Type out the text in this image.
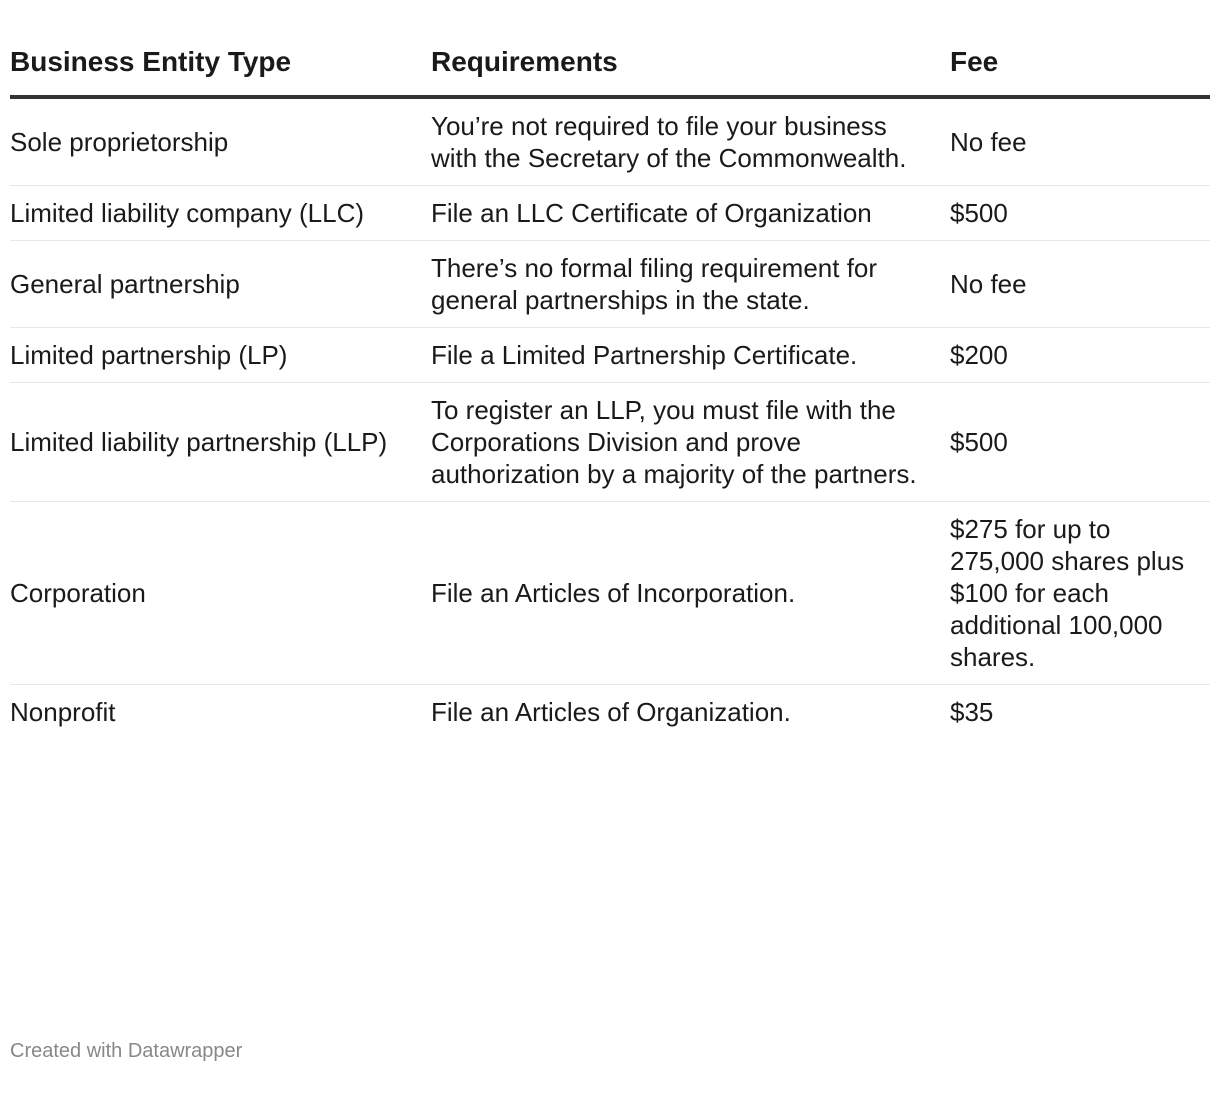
Business Entity Type	Requirements	Fee
Sole proprietorship	You’re not required to file your business with the Secretary of the Commonwealth.	No fee
Limited liability company (LLC)	File an LLC Certificate of Organization	$500
General partnership	There’s no formal filing requirement for general partnerships in the state.	No fee
Limited partnership (LP)	File a Limited Partnership Certificate.	$200
Limited liability partnership (LLP)	To register an LLP, you must file with the Corporations Division and prove authorization by a majority of the partners.	$500
Corporation	File an Articles of Incorporation.	$275 for up to 275,000 shares plus $100 for each additional 100,000 shares.
Nonprofit	File an Articles of Organization.	$35
Created with Datawrapper
